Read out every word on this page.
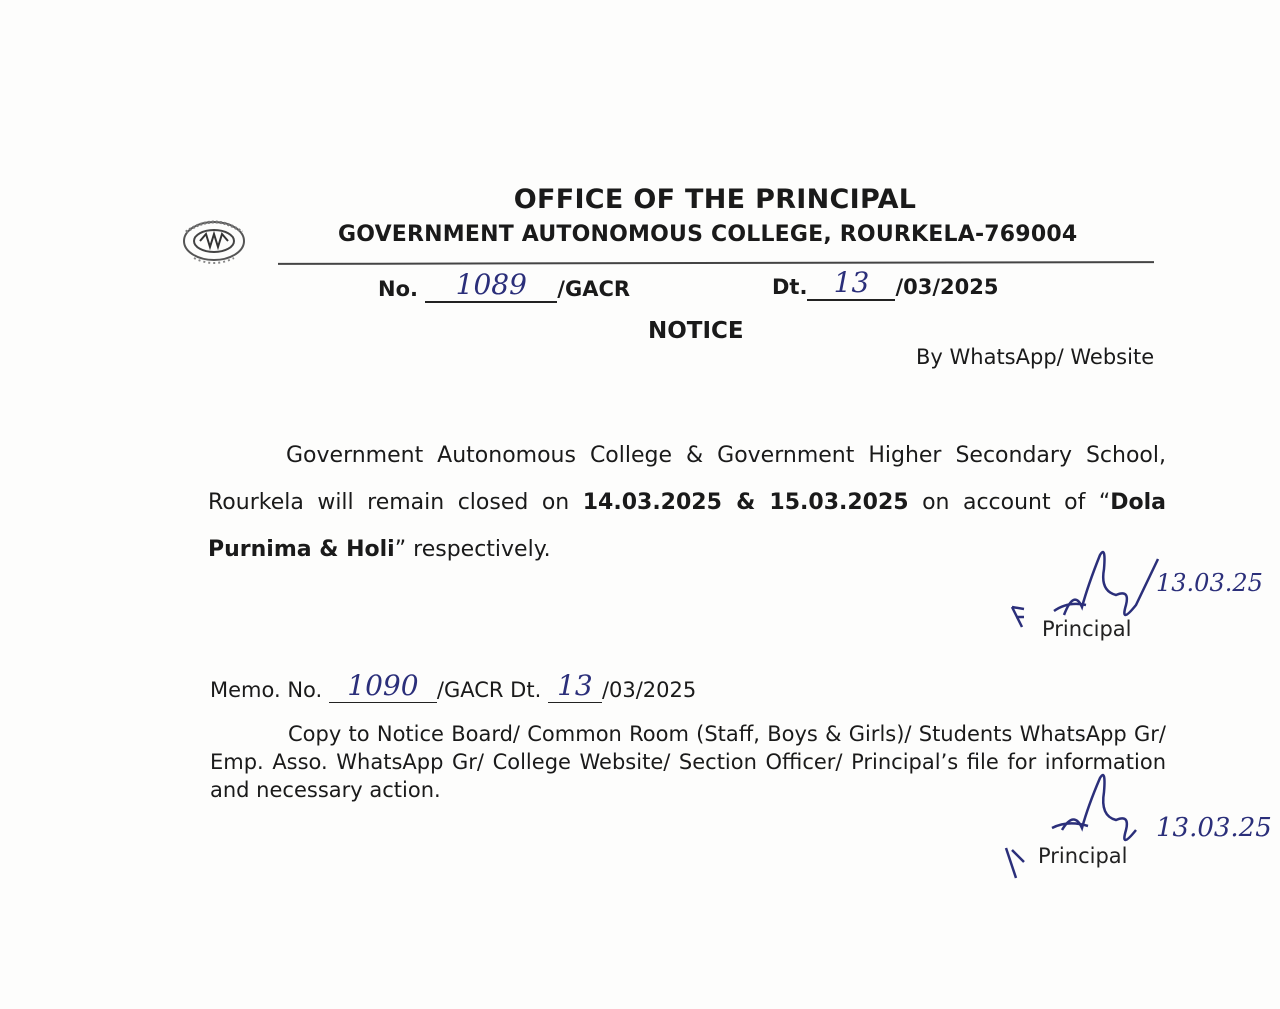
OFFICE OF THE PRINCIPAL
GOVERNMENT AUTONOMOUS COLLEGE, ROURKELA-769004
No. 1089 /GACR	Dt. 13 /03/2025
NOTICE
By WhatsApp/ Website
Government Autonomous College & Government Higher Secondary School, Rourkela will remain closed on 14.03.2025 & 15.03.2025 on account of “Dola Purnima & Holi” respectively.
13.03.25
Principal
Memo. No. 1090 /GACR Dt. 13 /03/2025
Copy to Notice Board/ Common Room (Staff, Boys & Girls)/ Students WhatsApp Gr/ Emp. Asso. WhatsApp Gr/ College Website/ Section Officer/ Principal’s file for information and necessary action.
13.03.25
Principal
